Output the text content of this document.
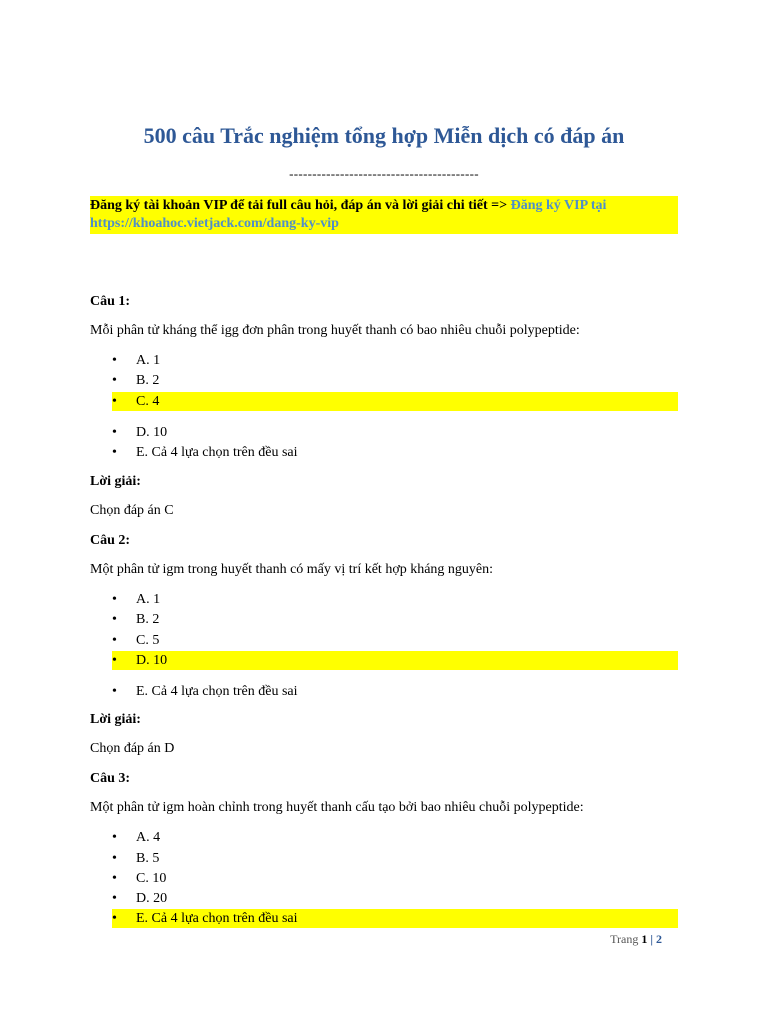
500 câu Trắc nghiệm tổng hợp Miễn dịch có đáp án
-----------------------------------------
Đăng ký tài khoản VIP để tải full câu hỏi, đáp án và lời giải chi tiết => Đăng ký VIP tại https://khoahoc.vietjack.com/dang-ky-vip
Câu 1:
Mỗi phân tử kháng thể igg đơn phân trong huyết thanh có bao nhiêu chuỗi polypeptide:
•	A. 1
•	B. 2
•	C. 4
•	D. 10
•	E. Cả 4 lựa chọn trên đều sai
Lời giải:
Chọn đáp án C
Câu 2:
Một phân tử igm trong huyết thanh có mấy vị trí kết hợp kháng nguyên:
•	A. 1
•	B. 2
•	C. 5
•	D. 10
•	E. Cả 4 lựa chọn trên đều sai
Lời giải:
Chọn đáp án D
Câu 3:
Một phân tử igm hoàn chỉnh trong huyết thanh cấu tạo bởi bao nhiêu chuỗi polypeptide:
•	A. 4
•	B. 5
•	C. 10
•	D. 20
•	E. Cả 4 lựa chọn trên đều sai
Trang 1 | 2
